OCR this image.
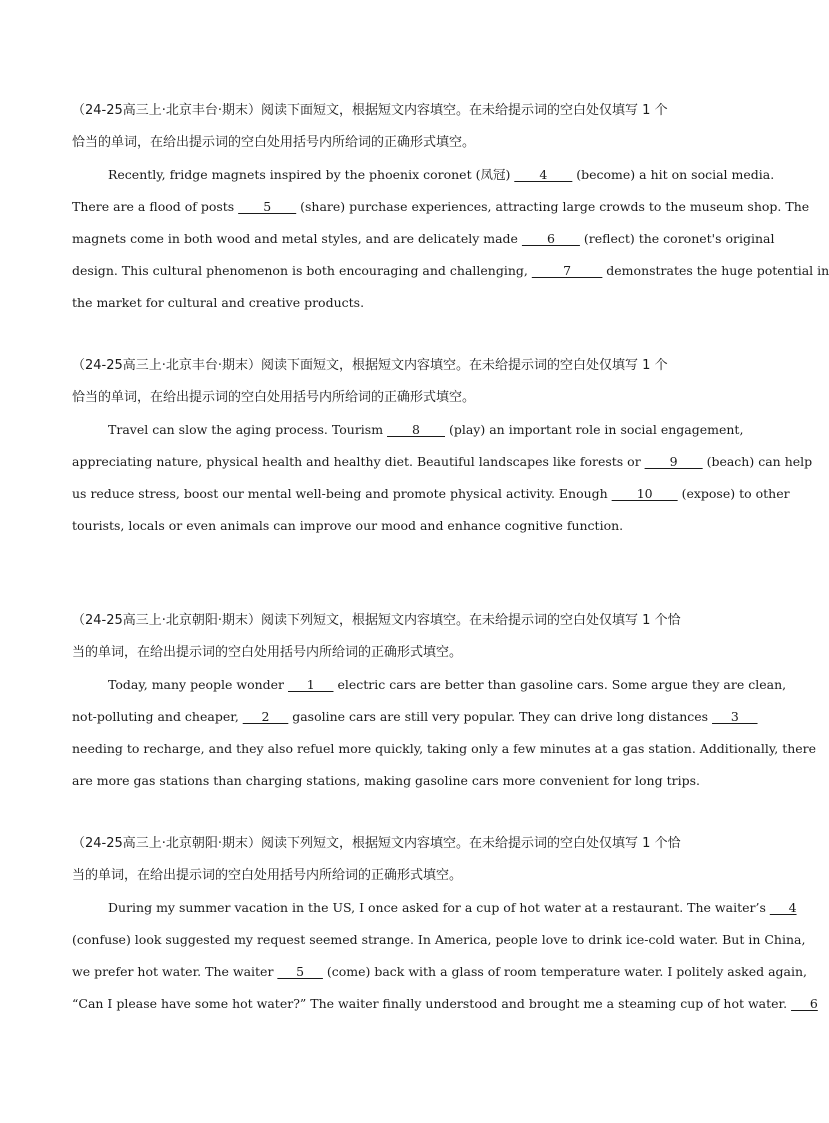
（24-25高三上·北京丰台·期末）阅读下面短文，根据短文内容填空。在未给提示词的空白处仅填写 1 个
恰当的单词，在给出提示词的空白处用括号内所给词的正确形式填空。
Recently, fridge magnets inspired by the phoenix coronet (凤冠) ____4____ (become) a hit on social media.
There are a flood of posts ____5____ (share) purchase experiences, attracting large crowds to the museum shop. The
magnets come in both wood and metal styles, and are delicately made ____6____ (reflect) the coronet's original
design. This cultural phenomenon is both encouraging and challenging, _____7_____ demonstrates the huge potential in
the market for cultural and creative products.
（24-25高三上·北京丰台·期末）阅读下面短文，根据短文内容填空。在未给提示词的空白处仅填写 1 个
恰当的单词，在给出提示词的空白处用括号内所给词的正确形式填空。
Travel can slow the aging process. Tourism ____8____ (play) an important role in social engagement,
appreciating nature, physical health and healthy diet. Beautiful landscapes like forests or ____9____ (beach) can help
us reduce stress, boost our mental well-being and promote physical activity. Enough ____10____ (expose) to other
tourists, locals or even animals can improve our mood and enhance cognitive function.
（24-25高三上·北京朝阳·期末）阅读下列短文，根据短文内容填空。在未给提示词的空白处仅填写 1 个恰
当的单词，在给出提示词的空白处用括号内所给词的正确形式填空。
Today, many people wonder ___1___ electric cars are better than gasoline cars. Some argue they are clean,
not-polluting and cheaper, ___2___ gasoline cars are still very popular. They can drive long distances ___3___
needing to recharge, and they also refuel more quickly, taking only a few minutes at a gas station. Additionally, there
are more gas stations than charging stations, making gasoline cars more convenient for long trips.
（24-25高三上·北京朝阳·期末）阅读下列短文，根据短文内容填空。在未给提示词的空白处仅填写 1 个恰
当的单词，在给出提示词的空白处用括号内所给词的正确形式填空。
During my summer vacation in the US, I once asked for a cup of hot water at a restaurant. The waiter’s ___4
(confuse) look suggested my request seemed strange. In America, people love to drink ice-cold water. But in China,
we prefer hot water. The waiter ___5___ (come) back with a glass of room temperature water. I politely asked again,
“Can I please have some hot water?” The waiter finally understood and brought me a steaming cup of hot water. ___6
